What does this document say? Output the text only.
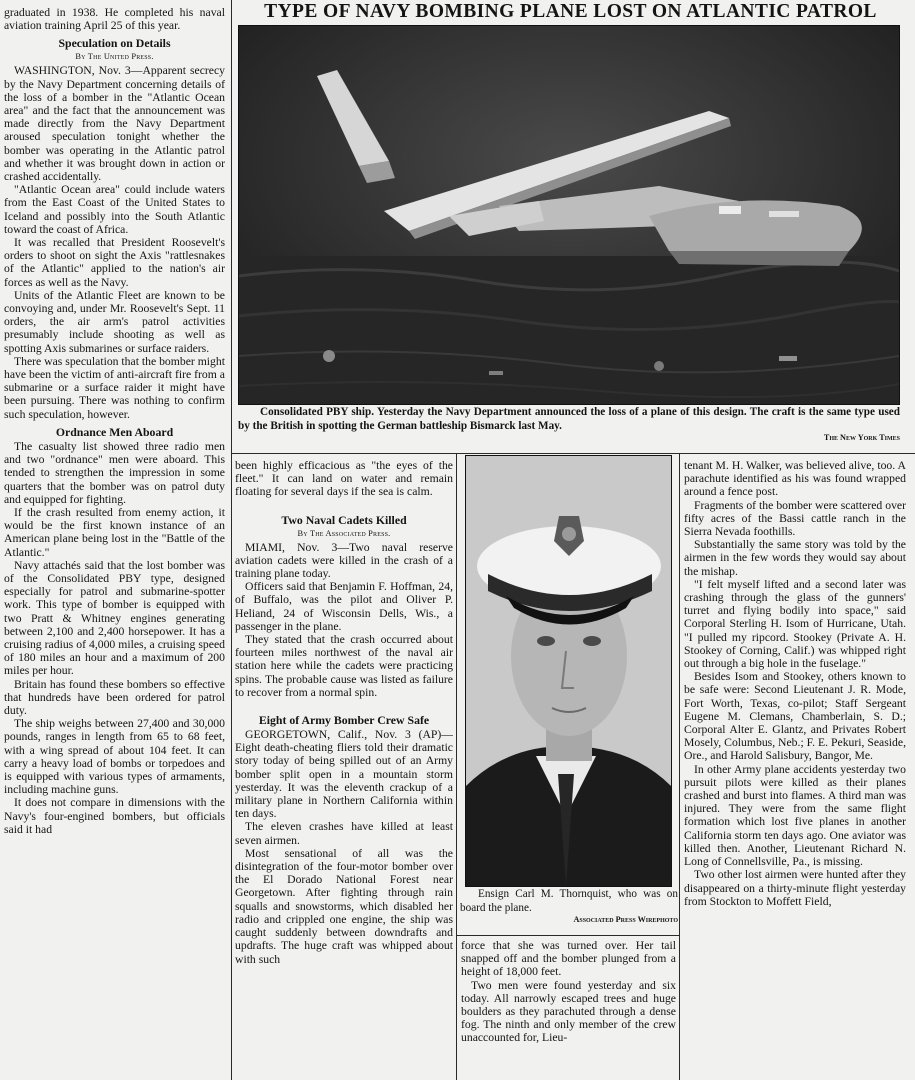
graduated in 1938. He completed his naval aviation training April 25 of this year.

Speculation on Details
By The United Press.

WASHINGTON, Nov. 3—Apparent secrecy by the Navy Department concerning details of the loss of a bomber in the "Atlantic Ocean area" and the fact that the announcement was made directly from the Navy Department aroused speculation tonight whether the bomber was operating in the Atlantic patrol and whether it was brought down in action or crashed accidentally.

"Atlantic Ocean area" could include waters from the East Coast of the United States to Iceland and possibly into the South Atlantic toward the coast of Africa.

It was recalled that President Roosevelt's orders to shoot on sight the Axis "rattlesnakes of the Atlantic" applied to the nation's air forces as well as the Navy.

Units of the Atlantic Fleet are known to be convoying and, under Mr. Roosevelt's Sept. 11 orders, the air arm's patrol activities presumably include shooting as well as spotting Axis submarines or surface raiders.

There was speculation that the bomber might have been the victim of anti-aircraft fire from a submarine or a surface raider it might have been pursuing. There was nothing to confirm such speculation, however.

Ordnance Men Aboard

The casualty list showed three radio men and two "ordnance" men were aboard. This tended to strengthen the impression in some quarters that the bomber was on patrol duty and equipped for fighting.

If the crash resulted from enemy action, it would be the first known instance of an American plane being lost in the "Battle of the Atlantic."

Navy attachés said that the lost bomber was of the Consolidated PBY type, designed especially for patrol and submarine-spotter work. This type of bomber is equipped with two Pratt & Whitney engines generating between 2,100 and 2,400 horsepower. It has a cruising radius of 4,000 miles, a cruising speed of 180 miles an hour and a maximum of 200 miles per hour.

Britain has found these bombers so effective that hundreds have been ordered for patrol duty.

The ship weighs between 27,400 and 30,000 pounds, ranges in length from 65 to 68 feet, with a wing spread of about 104 feet. It can carry a heavy load of bombs or torpedoes and is equipped with various types of armaments, including machine guns.

It does not compare in dimensions with the Navy's four-engined bombers, but officials said it had

TYPE OF NAVY BOMBING PLANE LOST ON ATLANTIC PATROL
Consolidated PBY ship. Yesterday the Navy Department announced the loss of a plane of this design. The craft is the same type used by the British in spotting the German battleship Bismarck last May.
The New York Times

been highly efficacious as "the eyes of the fleet." It can land on water and remain floating for several days if the sea is calm.

Two Naval Cadets Killed
By The Associated Press.

MIAMI, Nov. 3—Two naval reserve aviation cadets were killed in the crash of a training plane today.

Officers said that Benjamin F. Hoffman, 24, of Buffalo, was the pilot and Oliver P. Heliand, 24 of Wisconsin Dells, Wis., a passenger in the plane.

They stated that the crash occurred about fourteen miles northwest of the naval air station here while the cadets were practicing spins. The probable cause was listed as failure to recover from a normal spin.

Eight of Army Bomber Crew Safe

GEORGETOWN, Calif., Nov. 3 (AP)—Eight death-cheating fliers told their dramatic story today of being spilled out of an Army bomber split open in a mountain storm yesterday. It was the eleventh crackup of a military plane in Northern California within ten days.

The eleven crashes have killed at least seven airmen.

Most sensational of all was the disintegration of the four-motor bomber over the El Dorado National Forest near Georgetown. After fighting through rain squalls and snowstorms, which disabled her radio and crippled one engine, the ship was caught suddenly between downdrafts and updrafts. The huge craft was whipped about with such

Ensign Carl M. Thornquist, who was on board the plane.
Associated Press Wirephoto

force that she was turned over. Her tail snapped off and the bomber plunged from a height of 18,000 feet.

Two men were found yesterday and six today. All narrowly escaped trees and huge boulders as they parachuted through a dense fog. The ninth and only member of the crew unaccounted for, Lieu-

tenant M. H. Walker, was believed alive, too. A parachute identified as his was found wrapped around a fence post.

Fragments of the bomber were scattered over fifty acres of the Bassi cattle ranch in the Sierra Nevada foothills.

Substantially the same story was told by the airmen in the few words they would say about the mishap.

"I felt myself lifted and a second later was crashing through the glass of the gunners' turret and flying bodily into space," said Corporal Sterling H. Isom of Hurricane, Utah. "I pulled my ripcord. Stookey (Private A. H. Stookey of Corning, Calif.) was whipped right out through a big hole in the fuselage."

Besides Isom and Stookey, others known to be safe were: Second Lieutenant J. R. Mode, Fort Worth, Texas, co-pilot; Staff Sergeant Eugene M. Clemans, Chamberlain, S. D.; Corporal Alter E. Glantz, and Privates Robert Mosely, Columbus, Neb.; F. E. Pekuri, Seaside, Ore., and Harold Salisbury, Bangor, Me.

In other Army plane accidents yesterday two pursuit pilots were killed as their planes crashed and burst into flames. A third man was injured. They were from the same flight formation which lost five planes in another California storm ten days ago. One aviator was killed then. Another, Lieutenant Richard N. Long of Connellsville, Pa., is missing.

Two other lost airmen were hunted after they disappeared on a thirty-minute flight yesterday from Stockton to Moffett Field,
